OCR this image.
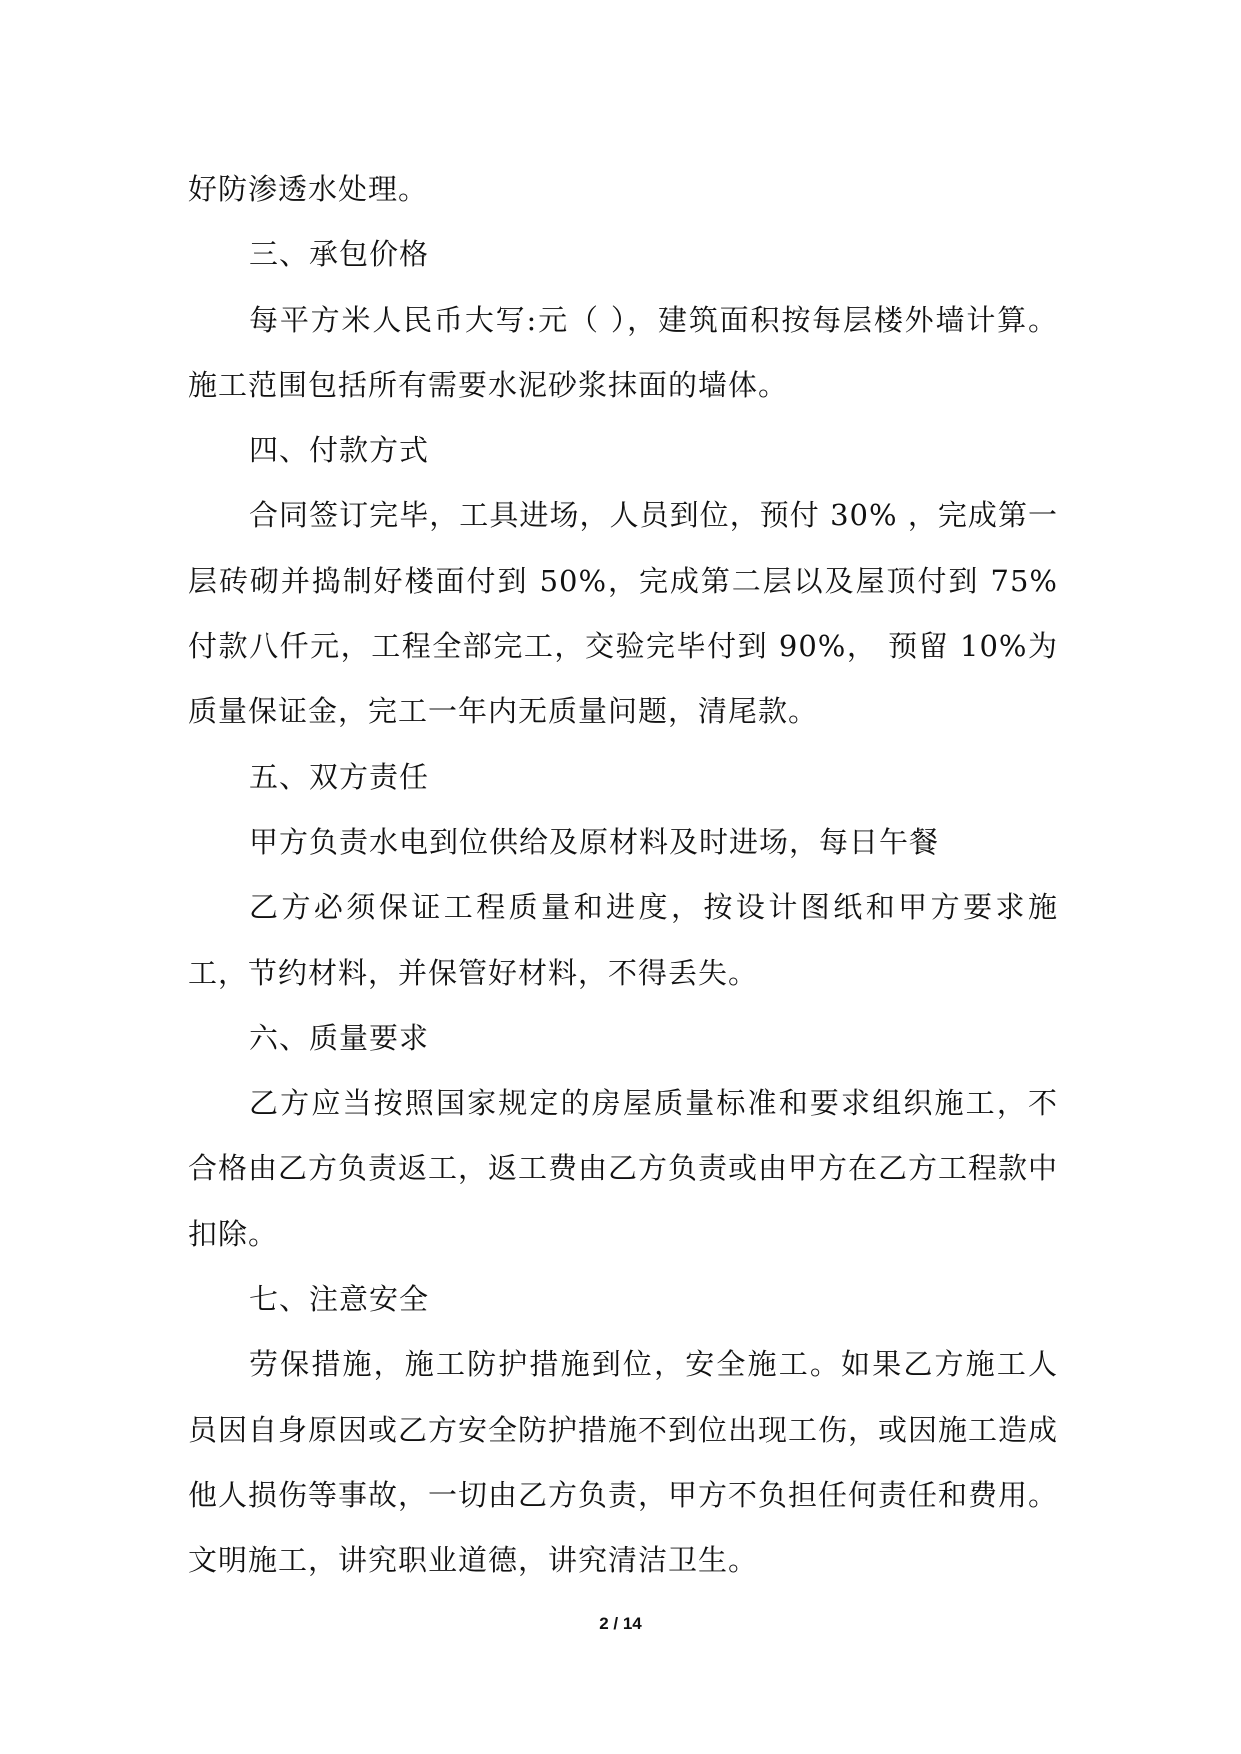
好防渗透水处理。

三、承包价格

每平方米人民币大写:元（ ），建筑面积按每层楼外墙计算。施工范围包括所有需要水泥砂浆抹面的墙体。

四、付款方式

合同签订完毕，工具进场，人员到位，预付 30% ，完成第一层砖砌并捣制好楼面付到 50%，完成第二层以及屋顶付到 75%付款八仟元，工程全部完工，交验完毕付到 90%， 预留 10%为质量保证金，完工一年内无质量问题，清尾款。

五、双方责任

甲方负责水电到位供给及原材料及时进场，每日午餐

乙方必须保证工程质量和进度，按设计图纸和甲方要求施工，节约材料，并保管好材料，不得丢失。

六、质量要求

乙方应当按照国家规定的房屋质量标准和要求组织施工，不合格由乙方负责返工，返工费由乙方负责或由甲方在乙方工程款中扣除。

七、注意安全

劳保措施，施工防护措施到位，安全施工。如果乙方施工人员因自身原因或乙方安全防护措施不到位出现工伤，或因施工造成他人损伤等事故，一切由乙方负责，甲方不负担任何责任和费用。文明施工，讲究职业道德，讲究清洁卫生。

2 / 14
